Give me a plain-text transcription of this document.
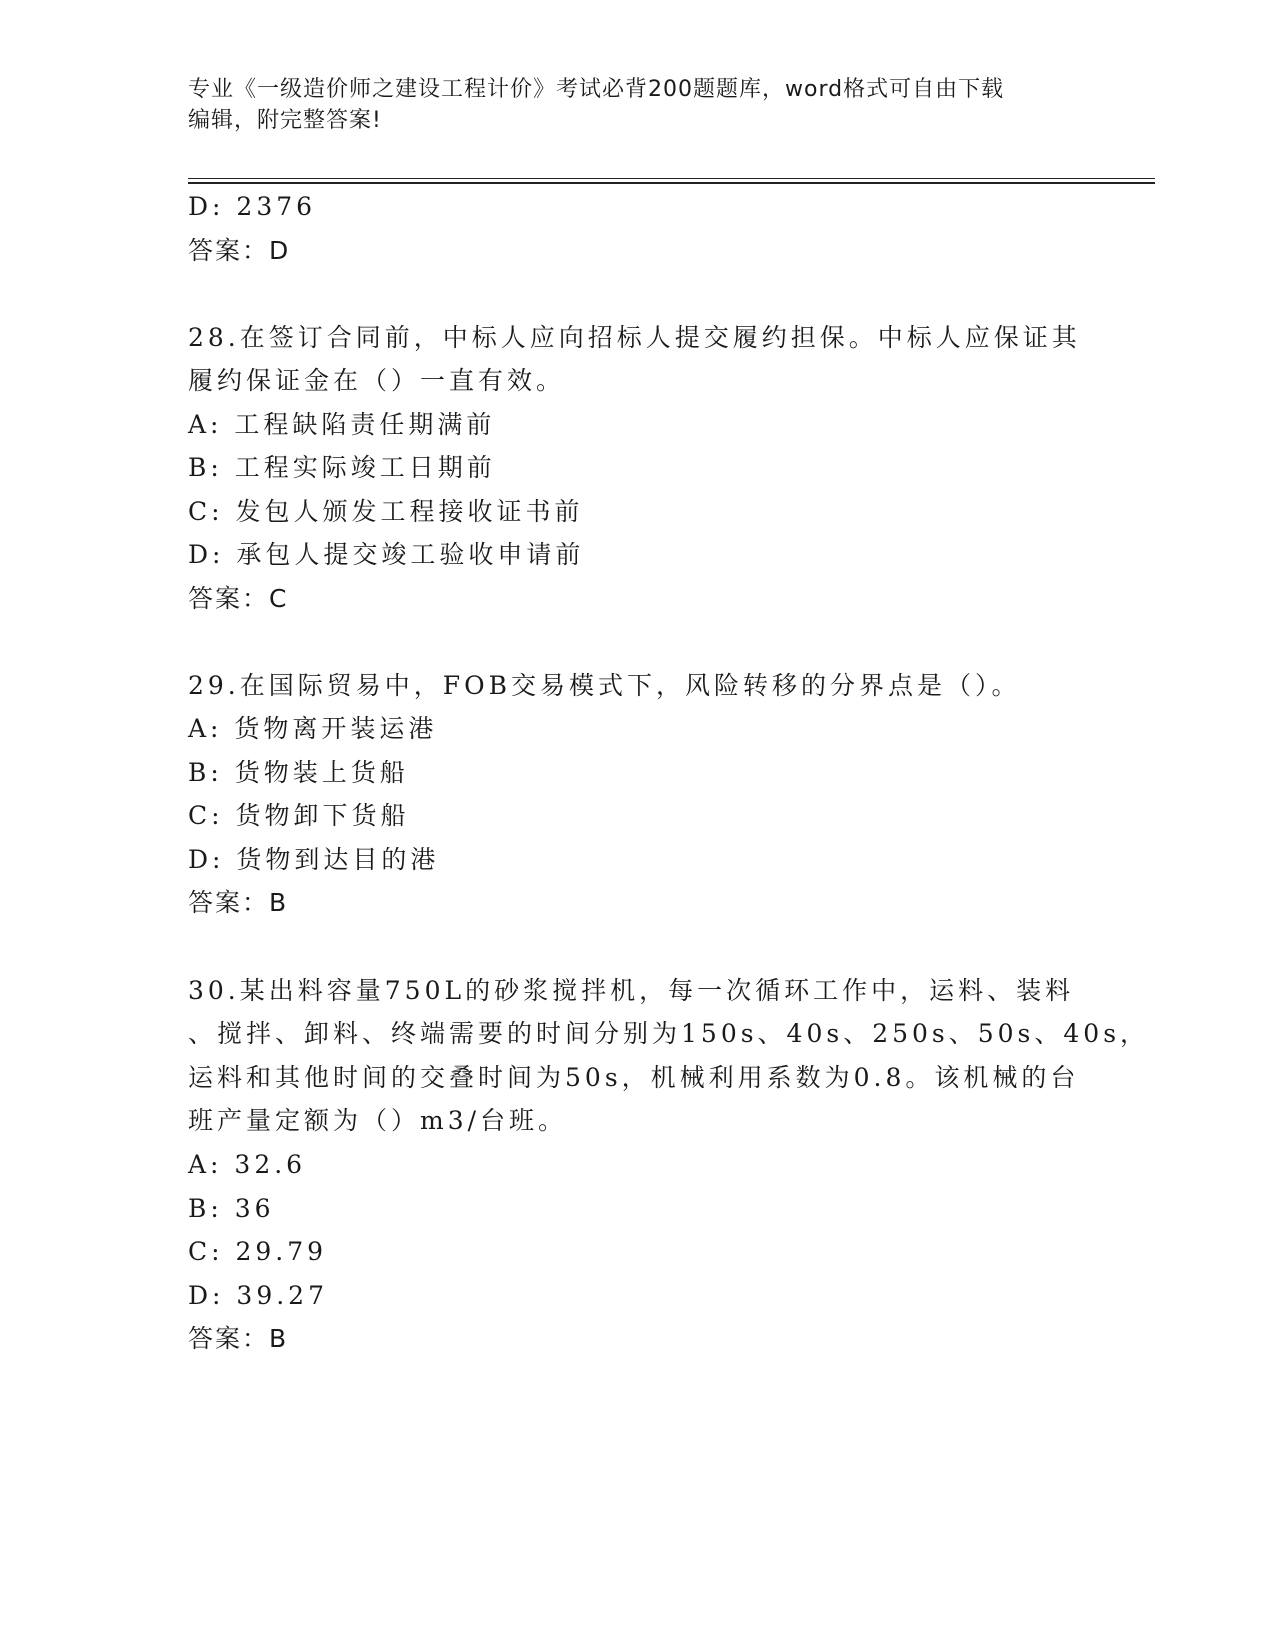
专业《一级造价师之建设工程计价》考试必背200题题库，word格式可自由下载
编辑，附完整答案!
D: 2376
答案：D
28.在签订合同前，中标人应向招标人提交履约担保。中标人应保证其
履约保证金在（）一直有效。
A: 工程缺陷责任期满前
B: 工程实际竣工日期前
C: 发包人颁发工程接收证书前
D: 承包人提交竣工验收申请前
答案：C
29.在国际贸易中，FOB交易模式下，风险转移的分界点是（）。
A: 货物离开装运港
B: 货物装上货船
C: 货物卸下货船
D: 货物到达目的港
答案：B
30.某出料容量750L的砂浆搅拌机，每一次循环工作中，运料、装料
、搅拌、卸料、终端需要的时间分别为150s、40s、250s、50s、40s，
运料和其他时间的交叠时间为50s，机械利用系数为0.8。该机械的台
班产量定额为（）m3/台班。
A: 32.6
B: 36
C: 29.79
D: 39.27
答案：B
